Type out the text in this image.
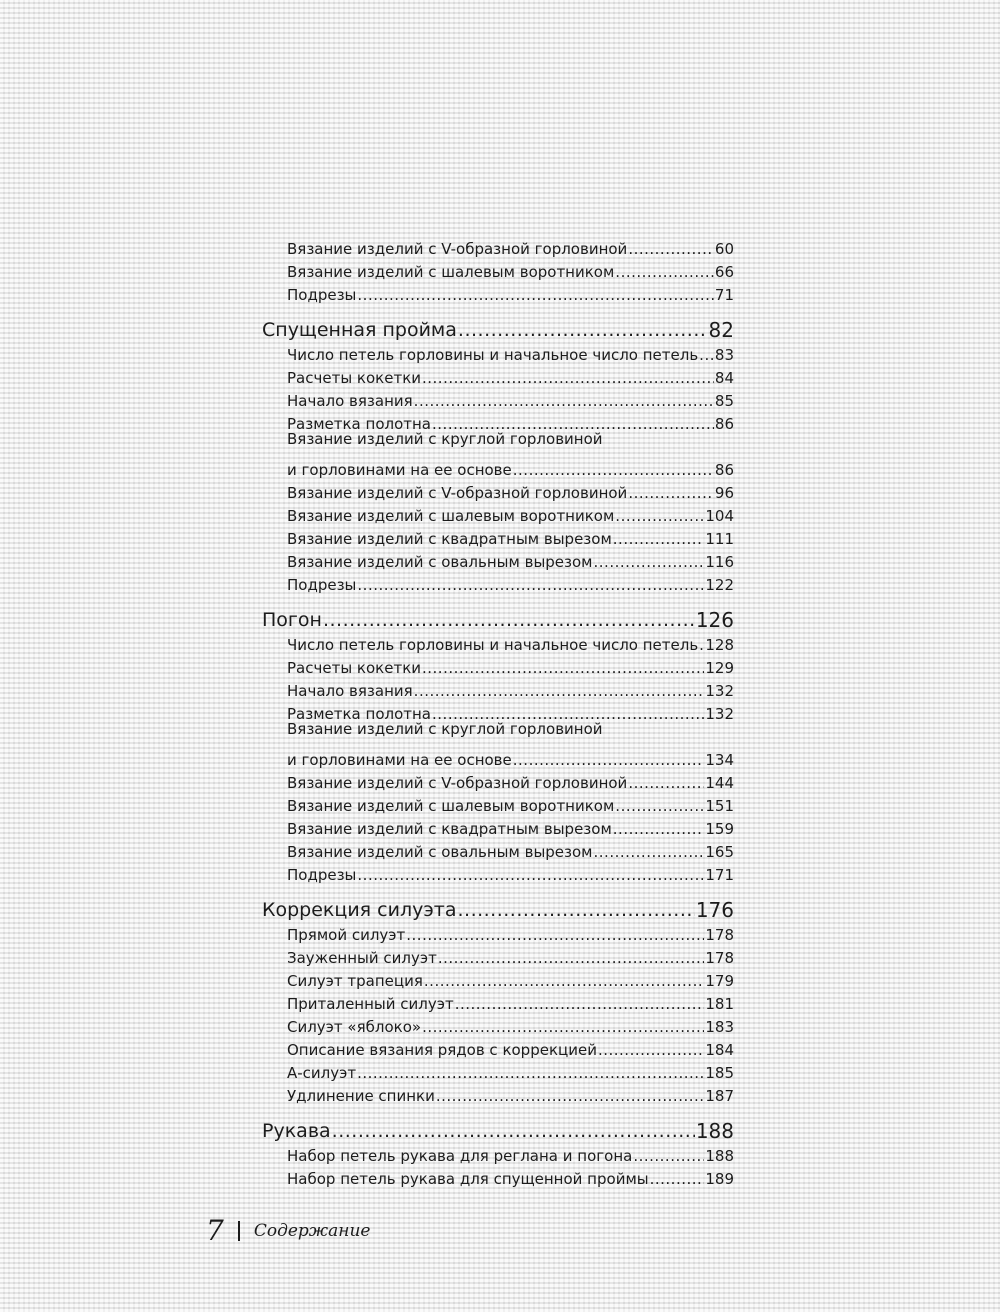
Вязание изделий с V-образной горловиной .....	60
Вязание изделий с шалевым воротником .....	66
Подрезы .....	71
Спущенная пройма .....	82
Число петель горловины и начальное число петель ..... 83
Расчеты кокетки .....	84
Начало вязания .....	85
Разметка полотна .....	86
Вязание изделий с круглой горловиной
и горловинами на ее основе .....	86
Вязание изделий с V-образной горловиной .....	96
Вязание изделий с шалевым воротником .....	104
Вязание изделий с квадратным вырезом .....	111
Вязание изделий с овальным вырезом .....	116
Подрезы .....	122
Погон .....	126
Число петель горловины и начальное число петель ..... 128
Расчеты кокетки .....	129
Начало вязания .....	132
Разметка полотна .....	132
Вязание изделий с круглой горловиной
и горловинами на ее основе .....	134
Вязание изделий с V-образной горловиной .....	144
Вязание изделий с шалевым воротником .....	151
Вязание изделий с квадратным вырезом .....	159
Вязание изделий с овальным вырезом .....	165
Подрезы .....	171
Коррекция силуэта .....	176
Прямой силуэт .....	178
Зауженный силуэт .....	178
Силуэт трапеция .....	179
Приталенный силуэт .....	181
Силуэт «яблоко» .....	183
Описание вязания рядов с коррекцией .....	184
А-силуэт .....	185
Удлинение спинки .....	187
Рукава .....	188
Набор петель рукава для реглана и погона .....	188
Набор петель рукава для спущенной проймы .....	189
7 Содержание
